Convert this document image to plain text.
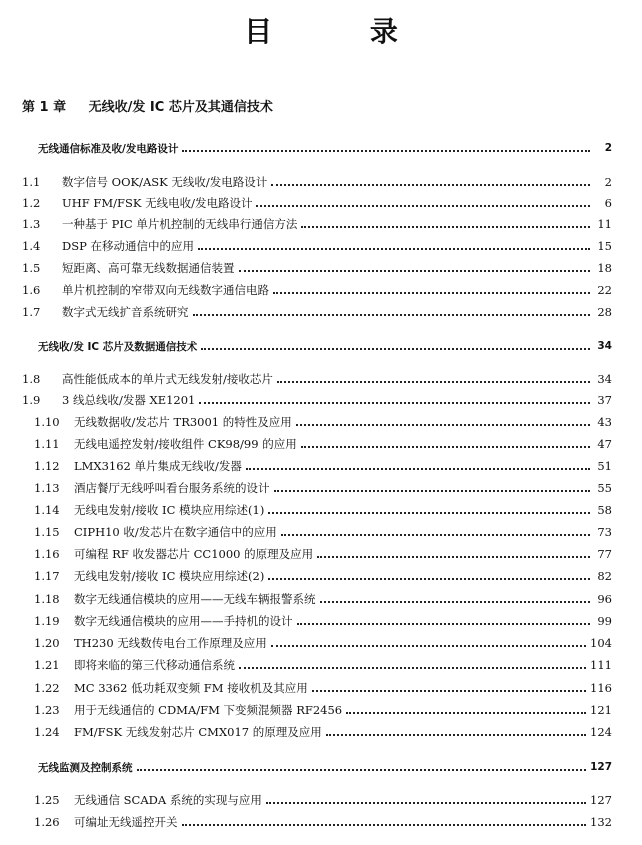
目 录
第 1 章 无线收/发 IC 芯片及其通信技术
无线通信标准及收/发电路设计	2
1.1	数字信号 OOK/ASK 无线收/发电路设计	2
1.2	UHF FM/FSK 无线电收/发电路设计	6
1.3	一种基于 PIC 单片机控制的无线串行通信方法	11
1.4	DSP 在移动通信中的应用	15
1.5	短距离、高可靠无线数据通信装置	18
1.6	单片机控制的窄带双向无线数字通信电路	22
1.7	数字式无线扩音系统研究	28
无线收/发 IC 芯片及数据通信技术	34
1.8	高性能低成本的单片式无线发射/接收芯片	34
1.9	3 线总线收/发器 XE1201	37
1.10	无线数据收/发芯片 TR3001 的特性及应用	43
1.11	无线电遥控发射/接收组件 CK98/99 的应用	47
1.12	LMX3162 单片集成无线收/发器	51
1.13	酒店餐厅无线呼叫看台服务系统的设计	55
1.14	无线电发射/接收 IC 模块应用综述(1)	58
1.15	CIPH10 收/发芯片在数字通信中的应用	73
1.16	可编程 RF 收发器芯片 CC1000 的原理及应用	77
1.17	无线电发射/接收 IC 模块应用综述(2)	82
1.18	数字无线通信模块的应用——无线车辆报警系统	96
1.19	数字无线通信模块的应用——手持机的设计	99
1.20	TH230 无线数传电台工作原理及应用	104
1.21	即将来临的第三代移动通信系统	111
1.22	MC 3362 低功耗双变频 FM 接收机及其应用	116
1.23	用于无线通信的 CDMA/FM 下变频混频器 RF2456	121
1.24	FM/FSK 无线发射芯片 CMX017 的原理及应用	124
无线监测及控制系统	127
1.25	无线通信 SCADA 系统的实现与应用	127
1.26	可编址无线遥控开关	132
